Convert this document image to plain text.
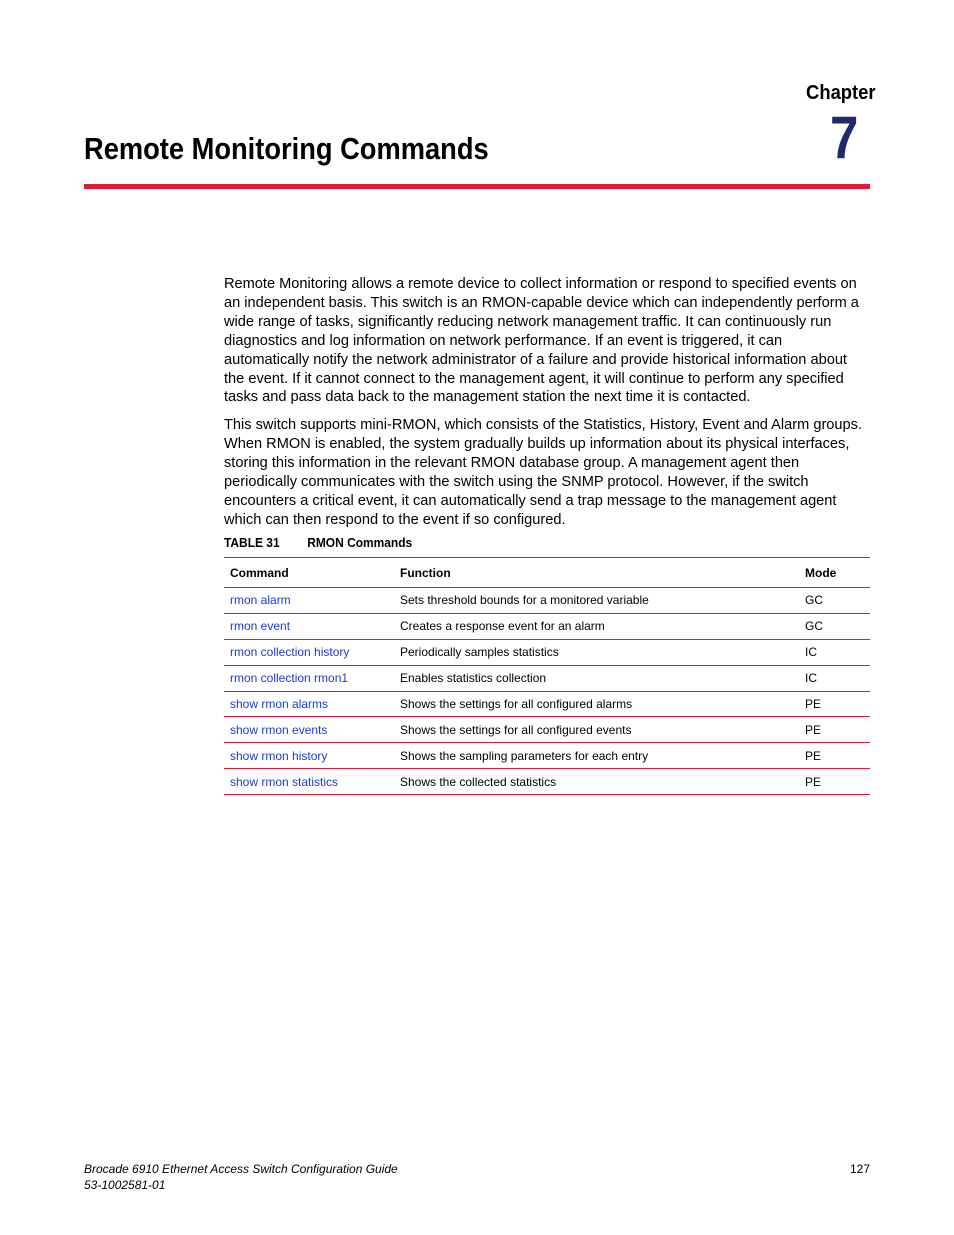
Chapter
7
Remote Monitoring Commands

Remote Monitoring allows a remote device to collect information or respond to specified events on an independent basis. This switch is an RMON-capable device which can independently perform a wide range of tasks, significantly reducing network management traffic. It can continuously run diagnostics and log information on network performance. If an event is triggered, it can automatically notify the network administrator of a failure and provide historical information about the event. If it cannot connect to the management agent, it will continue to perform any specified tasks and pass data back to the management station the next time it is contacted.

This switch supports mini-RMON, which consists of the Statistics, History, Event and Alarm groups. When RMON is enabled, the system gradually builds up information about its physical interfaces, storing this information in the relevant RMON database group. A management agent then periodically communicates with the switch using the SNMP protocol. However, if the switch encounters a critical event, it can automatically send a trap message to the management agent which can then respond to the event if so configured.

TABLE 31 RMON Commands
Command	Function	Mode
rmon alarm	Sets threshold bounds for a monitored variable	GC
rmon event	Creates a response event for an alarm	GC
rmon collection history	Periodically samples statistics	IC
rmon collection rmon1	Enables statistics collection	IC
show rmon alarms	Shows the settings for all configured alarms	PE
show rmon events	Shows the settings for all configured events	PE
show rmon history	Shows the sampling parameters for each entry	PE
show rmon statistics	Shows the collected statistics	PE
Brocade 6910 Ethernet Access Switch Configuration Guide
53-1002581-01
127
